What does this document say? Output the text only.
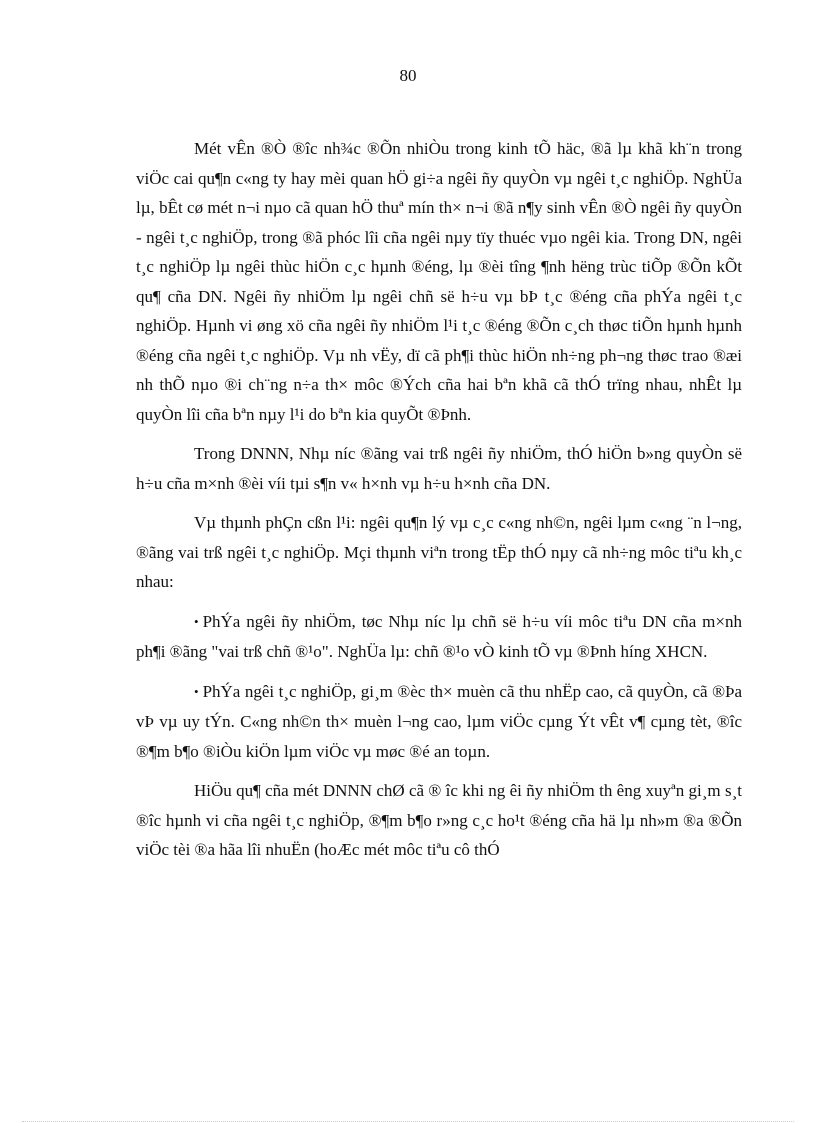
80

Mét vÊn ®Ò ®îc nh¾c ®Õn nhiÒu trong kinh tÕ häc, ®ã lµ khã kh¨n trong viÖc cai qu¶n c«ng ty hay mèi quan hÖ gi÷a ngêi ñy quyÒn vµ ngêi t¸c nghiÖp. NghÜa lµ, bÊt cø mét n¬i nµo cã quan hÖ thuª mín th× n¬i ®ã n¶y sinh vÊn ®Ò ngêi ñy quyÒn - ngêi t¸c nghiÖp, trong ®ã phóc lîi cña ngêi nµy tïy thuéc vµo ngêi kia. Trong DN, ngêi t¸c nghiÖp lµ ngêi thùc hiÖn c¸c hµnh ®éng, lµ ®èi tîng ¶nh hëng trùc tiÕp ®Õn kÕt qu¶ cña DN. Ngêi ñy nhiÖm lµ ngêi chñ së h÷u vµ bÞ t¸c ®éng cña phÝa ngêi t¸c nghiÖp. Hµnh vi øng xö cña ngêi ñy nhiÖm l¹i t¸c ®éng ®Õn c¸ch thøc tiÕn hµnh hµnh ®éng cña ngêi t¸c nghiÖp. Vµ nh vËy, dï cã ph¶i thùc hiÖn nh÷ng ph¬ng thøc trao ®æi nh thÕ nµo ®i ch¨ng n÷a th× môc ®Ých cña hai bªn khã cã thÓ trïng nhau, nhÊt lµ quyÒn lîi cña bªn nµy l¹i do bªn kia quyÕt ®Þnh.

Trong DNNN, Nhµ níc ®ãng vai trß ngêi ñy nhiÖm, thÓ hiÖn b»ng quyÒn së h÷u cña m×nh ®èi víi tµi s¶n v« h×nh vµ h÷u h×nh cña DN.

Vµ thµnh phÇn cßn l¹i: ngêi qu¶n lý vµ c¸c c«ng nh©n, ngêi lµm c«ng ¨n l¬ng, ®ãng vai trß ngêi t¸c nghiÖp. Mçi thµnh viªn trong tËp thÓ nµy cã nh÷ng môc tiªu kh¸c nhau:

• PhÝa ngêi ñy nhiÖm, tøc Nhµ níc lµ chñ së h÷u víi môc tiªu DN cña m×nh ph¶i ®ãng "vai trß chñ ®¹o". NghÜa lµ: chñ ®¹o vÒ kinh tÕ vµ ®Þnh híng XHCN.

• PhÝa ngêi t¸c nghiÖp, gi¸m ®èc th× muèn cã thu nhËp cao, cã quyÒn, cã ®Þa vÞ vµ uy tÝn. C«ng nh©n th× muèn l¬ng cao, lµm viÖc cµng Ýt vÊt v¶ cµng tèt, ®îc ®¶m b¶o ®iÒu kiÖn lµm viÖc vµ møc ®é an toµn.

HiÖu qu¶ cña mét DNNN chØ cã ® îc khi ng êi ñy nhiÖm th êng xuyªn gi¸m s¸t ®îc hµnh vi cña ngêi t¸c nghiÖp, ®¶m b¶o r»ng c¸c ho¹t ®éng cña hä lµ nh»m ®a ®Õn viÖc tèi ®a hãa lîi nhuËn (hoÆc mét môc tiªu cô thÓ
